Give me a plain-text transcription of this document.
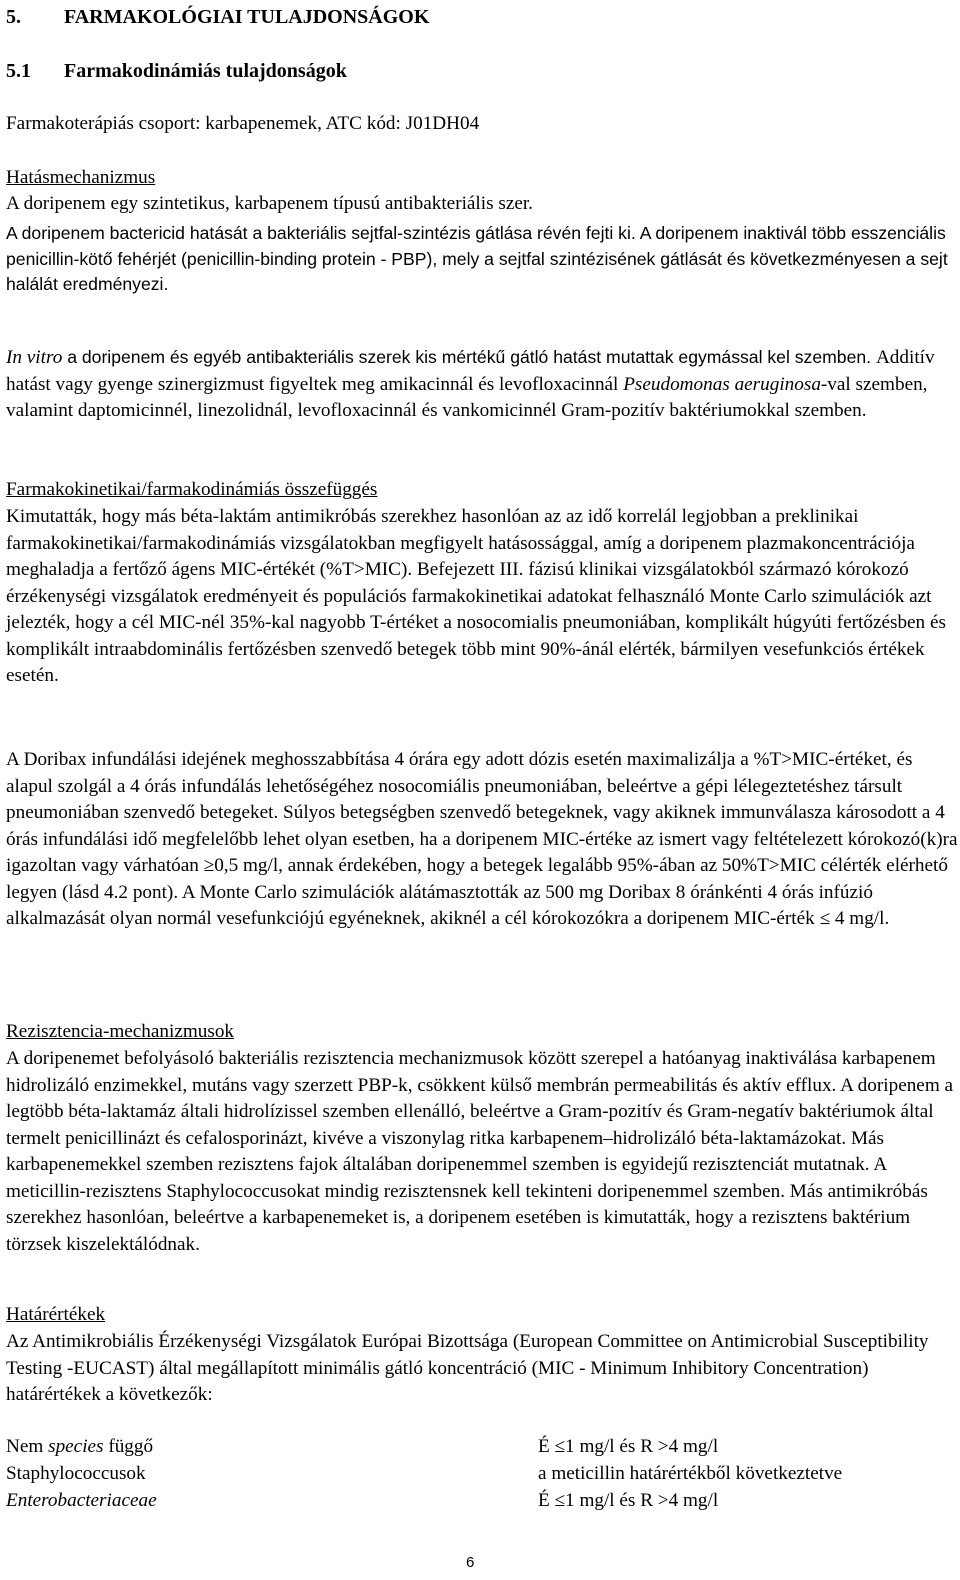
5. FARMAKOLÓGIAI TULAJDONSÁGOK
5.1 Farmakodinámiás tulajdonságok

Farmakoterápiás csoport: karbapenemek, ATC kód: J01DH04

Hatásmechanizmus

A doripenem egy szintetikus, karbapenem típusú antibakteriális szer.

A doripenem bactericid hatását a bakteriális sejtfal-szintézis gátlása révén fejti ki. A doripenem inaktivál több esszenciális penicillin-kötő fehérjét (penicillin-binding protein - PBP), mely a sejtfal szintézisének gátlását és következményesen a sejt halálát eredményezi.

In vitro a doripenem és egyéb antibakteriális szerek kis mértékű gátló hatást mutattak egymással kel szemben. Additív hatást vagy gyenge szinergizmust figyeltek meg amikacinnál és levofloxacinnál Pseudomonas aeruginosa-val szemben, valamint daptomicinnél, linezolidnál, levofloxacinnál és vankomicinnél Gram-pozitív baktériumokkal szemben.

Farmakokinetikai/farmakodinámiás összefüggés

Kimutatták, hogy más béta-laktám antimikróbás szerekhez hasonlóan az az idő korrelál legjobban a preklinikai farmakokinetikai/farmakodinámiás vizsgálatokban megfigyelt hatásossággal, amíg a doripenem plazmakoncentrációja meghaladja a fertőző ágens MIC-értékét (%T>MIC). Befejezett III. fázisú klinikai vizsgálatokból származó kórokozó érzékenységi vizsgálatok eredményeit és populációs farmakokinetikai adatokat felhasználó Monte Carlo szimulációk azt jelezték, hogy a cél MIC-nél 35%-kal nagyobb T-értéket a nosocomialis pneumoniában, komplikált húgyúti fertőzésben és komplikált intraabdominális fertőzésben szenvedő betegek több mint 90%-ánál elérték, bármilyen vesefunkciós értékek esetén.

A Doribax infundálási idejének meghosszabbítása 4 órára egy adott dózis esetén maximalizálja a %T>MIC-értéket, és alapul szolgál a 4 órás infundálás lehetőségéhez nosocomiális pneumoniában, beleértve a gépi lélegeztetéshez társult pneumoniában szenvedő betegeket. Súlyos betegségben szenvedő betegeknek, vagy akiknek immunválasza károsodott a 4 órás infundálási idő megfelelőbb lehet olyan esetben, ha a doripenem MIC-értéke az ismert vagy feltételezett kórokozó(k)ra igazoltan vagy várhatóan ≥0,5 mg/l, annak érdekében, hogy a betegek legalább 95%-ában az 50%T>MIC célérték elérhető legyen (lásd 4.2 pont). A Monte Carlo szimulációk alátámasztották az 500 mg Doribax 8 óránkénti 4 órás infúzió alkalmazását olyan normál vesefunkciójú egyéneknek, akiknél a cél kórokozókra a doripenem MIC-érték ≤ 4 mg/l.

Rezisztencia-mechanizmusok

A doripenemet befolyásoló bakteriális rezisztencia mechanizmusok között szerepel a hatóanyag inaktiválása karbapenem hidrolizáló enzimekkel, mutáns vagy szerzett PBP-k, csökkent külső membrán permeabilitás és aktív efflux. A doripenem a legtöbb béta-laktamáz általi hidrolízissel szemben ellenálló, beleértve a Gram-pozitív és Gram-negatív baktériumok által termelt penicillinázt és cefalosporinázt, kivéve a viszonylag ritka karbapenem–hidrolizáló béta-laktamázokat. Más karbapenemekkel szemben rezisztens fajok általában doripenemmel szemben is egyidejű rezisztenciát mutatnak. A meticillin-rezisztens Staphylococcusokat mindig rezisztensnek kell tekinteni doripenemmel szemben. Más antimikróbás szerekhez hasonlóan, beleértve a karbapenemeket is, a doripenem esetében is kimutatták, hogy a rezisztens baktérium törzsek kiszelektálódnak.

Határértékek

Az Antimikrobiális Érzékenységi Vizsgálatok Európai Bizottsága (European Committee on Antimicrobial Susceptibility Testing -EUCAST) által megállapított minimális gátló koncentráció (MIC - Minimum Inhibitory Concentration) határértékek a következők:

Nem species függő	É ≤1 mg/l és R >4 mg/l
Staphylococcusok	a meticillin határértékből következtetve
Enterobacteriaceae	É ≤1 mg/l és R >4 mg/l
6
